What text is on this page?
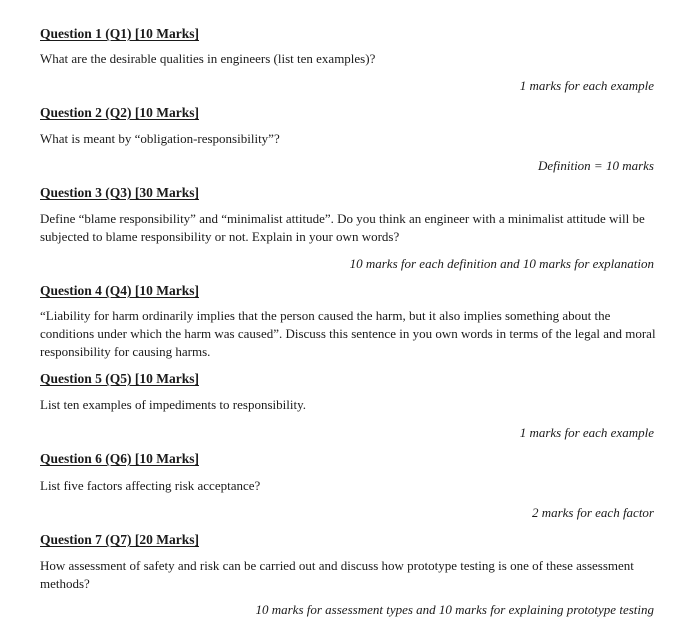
Question 1 (Q1) [10 Marks]
What are the desirable qualities in engineers (list ten examples)?
1 marks for each example
Question 2 (Q2) [10 Marks]
What is meant by “obligation-responsibility”?
Definition = 10 marks
Question 3 (Q3) [30 Marks]
Define “blame responsibility” and “minimalist attitude”. Do you think an engineer with a minimalist attitude will be subjected to blame responsibility or not. Explain in your own words?
10 marks for each definition and 10 marks for explanation
Question 4 (Q4) [10 Marks]
“Liability for harm ordinarily implies that the person caused the harm, but it also implies something about the conditions under which the harm was caused”. Discuss this sentence in you own words in terms of the legal and moral responsibility for causing harms.
Question 5 (Q5) [10 Marks]
List ten examples of impediments to responsibility.
1 marks for each example
Question 6 (Q6) [10 Marks]
List five factors affecting risk acceptance?
2 marks for each factor
Question 7 (Q7) [20 Marks]
How assessment of safety and risk can be carried out and discuss how prototype testing is one of these assessment methods?
10 marks for assessment types and 10 marks for explaining prototype testing
